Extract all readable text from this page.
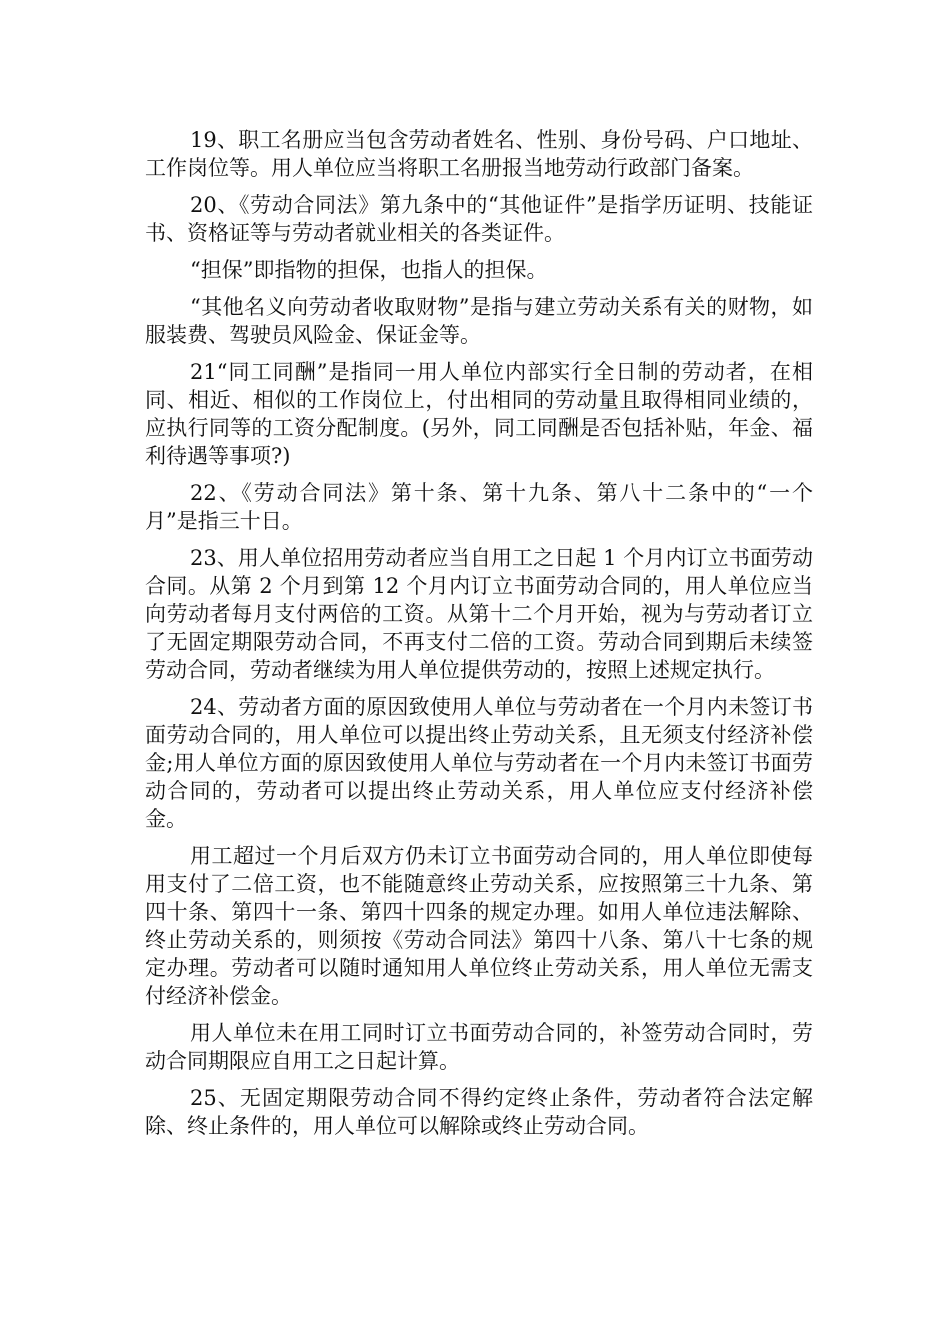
19、职工名册应当包含劳动者姓名、性别、身份号码、户口地址、工作岗位等。用人单位应当将职工名册报当地劳动行政部门备案。

20、《劳动合同法》第九条中的“其他证件”是指学历证明、技能证书、资格证等与劳动者就业相关的各类证件。

“担保”即指物的担保，也指人的担保。

“其他名义向劳动者收取财物”是指与建立劳动关系有关的财物，如服装费、驾驶员风险金、保证金等。

21“同工同酬”是指同一用人单位内部实行全日制的劳动者，在相同、相近、相似的工作岗位上，付出相同的劳动量且取得相同业绩的，应执行同等的工资分配制度。(另外，同工同酬是否包括补贴，年金、福利待遇等事项?)

22、《劳动合同法》第十条、第十九条、第八十二条中的“一个月”是指三十日。

23、用人单位招用劳动者应当自用工之日起 1 个月内订立书面劳动合同。从第 2 个月到第 12 个月内订立书面劳动合同的，用人单位应当向劳动者每月支付两倍的工资。从第十二个月开始，视为与劳动者订立了无固定期限劳动合同，不再支付二倍的工资。劳动合同到期后未续签劳动合同，劳动者继续为用人单位提供劳动的，按照上述规定执行。

24、劳动者方面的原因致使用人单位与劳动者在一个月内未签订书面劳动合同的，用人单位可以提出终止劳动关系，且无须支付经济补偿金;用人单位方面的原因致使用人单位与劳动者在一个月内未签订书面劳动合同的，劳动者可以提出终止劳动关系，用人单位应支付经济补偿金。

用工超过一个月后双方仍未订立书面劳动合同的，用人单位即使每用支付了二倍工资，也不能随意终止劳动关系，应按照第三十九条、第四十条、第四十一条、第四十四条的规定办理。如用人单位违法解除、终止劳动关系的，则须按《劳动合同法》第四十八条、第八十七条的规定办理。劳动者可以随时通知用人单位终止劳动关系，用人单位无需支付经济补偿金。

用人单位未在用工同时订立书面劳动合同的，补签劳动合同时，劳动合同期限应自用工之日起计算。

25、无固定期限劳动合同不得约定终止条件，劳动者符合法定解除、终止条件的，用人单位可以解除或终止劳动合同。
